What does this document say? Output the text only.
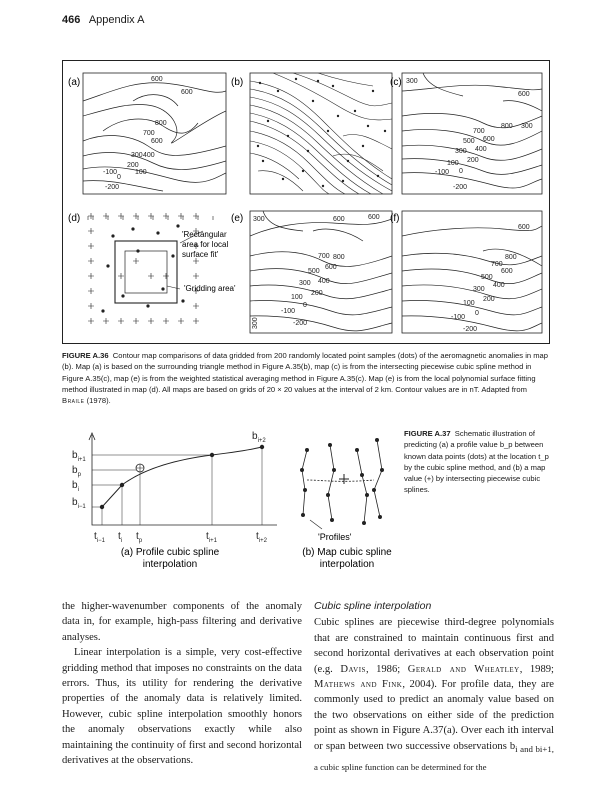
466 Appendix A
(a)	(b)	(c)
(d)	(e)	(f)
600
600
800
700
600
300 400
200
100
0
-100
-200
300
600
800 300
700
600
500
400
300
200
100
0
-100
-200
'Rectangular
area for local
surface fit'
'Gridding area'
300	600	600
800
700
600
500
400
300
200
100
0
-100
-200
300
600
800
700
600
500
400
300
200
100
0
-100
-200
FIGURE A.36 Contour map comparisons of data gridded from 200 randomly located point samples (dots) of the aeromagnetic anomalies in map (b). Map (a) is based on the surrounding triangle method in Figure A.35(b), map (c) is from the intersecting piecewise cubic spline method in Figure A.35(c), map (e) is from the weighted statistical averaging method in Figure A.35(c). Map (e) is from the local polynomial surface fitting method illustrated in map (d). All maps are based on grids of 20 × 20 values at the interval of 2 km. Contour values are in nT. Adapted from Braile (1978).
$b_{i+1}$
$b_p$
$b_i$
$b_{i-1}$
$b_{i+2}$
$t_{i-1}$ $t_i$ $t_p$	$t_{i+1}$	$t_{i+2}$	'Profiles'
(a) Profile cubic spline
interpolation
(b) Map cubic spline
interpolation
FIGURE A.37 Schematic illustration of predicting (a) a profile value b_p between known data points (dots) at the location t_p by the cubic spline method, and (b) a map value (+) by intersecting piecewise cubic splines.

the higher-wavenumber components of the anomaly data in, for example, high-pass filtering and derivative analyses.

Linear interpolation is a simple, very cost-effective gridding method that imposes no constraints on the data errors. Thus, its utility for rendering the derivative properties of the anomaly data is relatively limited. However, cubic spline interpolation smoothly honors the anomaly observations exactly while also maintaining the continuity of first and second horizontal derivatives at the observations.

Cubic spline interpolation

Cubic splines are piecewise third-degree polynomials that are constrained to maintain continuous first and second horizontal derivatives at each observation point (e.g. Davis, 1986; Gerald and Wheatley, 1989; Mathews and Fink, 2004). For profile data, they are commonly used to predict an anomaly value based on the two observations on either side of the prediction point as shown in Figure A.37(a). Over each ith interval or span between two successive observations $b_{i and bi+1, a cubic spline function can be determined for the}$
